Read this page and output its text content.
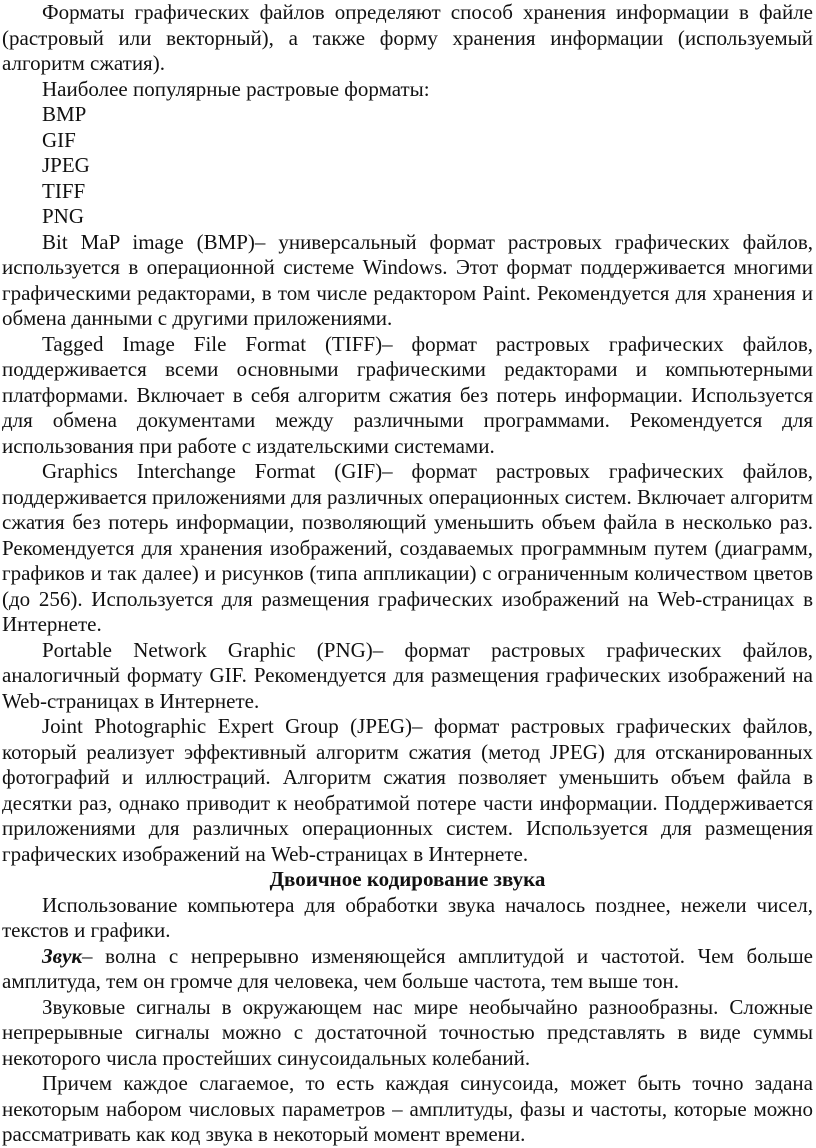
Форматы графических файлов определяют способ хранения информации в файле (растровый или векторный), а также форму хранения информации (используемый алгоритм сжатия).

Наиболее популярные растровые форматы:

BMP

GIF

JPEG

TIFF

PNG

Bit MaP image (BMP)– универсальный формат растровых графических файлов, используется в операционной системе Windows. Этот формат поддерживается многими графическими редакторами, в том числе редактором Paint. Рекомендуется для хранения и обмена данными с другими приложениями.

Tagged Image File Format (TIFF)– формат растровых графических файлов, поддерживается всеми основными графическими редакторами и компьютерными платформами. Включает в себя алгоритм сжатия без потерь информации. Используется для обмена документами между различными программами. Рекомендуется для использования при работе с издательскими системами.

Graphics Interchange Format (GIF)– формат растровых графических файлов, поддерживается приложениями для различных операционных систем. Включает алгоритм сжатия без потерь информации, позволяющий уменьшить объем файла в несколько раз. Рекомендуется для хранения изображений, создаваемых программным путем (диаграмм, графиков и так далее) и рисунков (типа аппликации) с ограниченным количеством цветов (до 256). Используется для размещения графических изображений на Web-страницах в Интернете.

Portable Network Graphic (PNG)– формат растровых графических файлов, аналогичный формату GIF. Рекомендуется для размещения графических изображений на Web-страницах в Интернете.

Joint Photographic Expert Group (JPEG)– формат растровых графических файлов, который реализует эффективный алгоритм сжатия (метод JPEG) для отсканированных фотографий и иллюстраций. Алгоритм сжатия позволяет уменьшить объем файла в десятки раз, однако приводит к необратимой потере части информации. Поддерживается приложениями для различных операционных систем. Используется для размещения графических изображений на Web-страницах в Интернете.

Двоичное кодирование звука

Использование компьютера для обработки звука началось позднее, нежели чисел, текстов и графики.

Звук– волна с непрерывно изменяющейся амплитудой и частотой. Чем больше амплитуда, тем он громче для человека, чем больше частота, тем выше тон.

Звуковые сигналы в окружающем нас мире необычайно разнообразны. Сложные непрерывные сигналы можно с достаточной точностью представлять в виде суммы некоторого числа простейших синусоидальных колебаний.

Причем каждое слагаемое, то есть каждая синусоида, может быть точно задана некоторым набором числовых параметров – амплитуды, фазы и частоты, которые можно рассматривать как код звука в некоторый момент времени.
